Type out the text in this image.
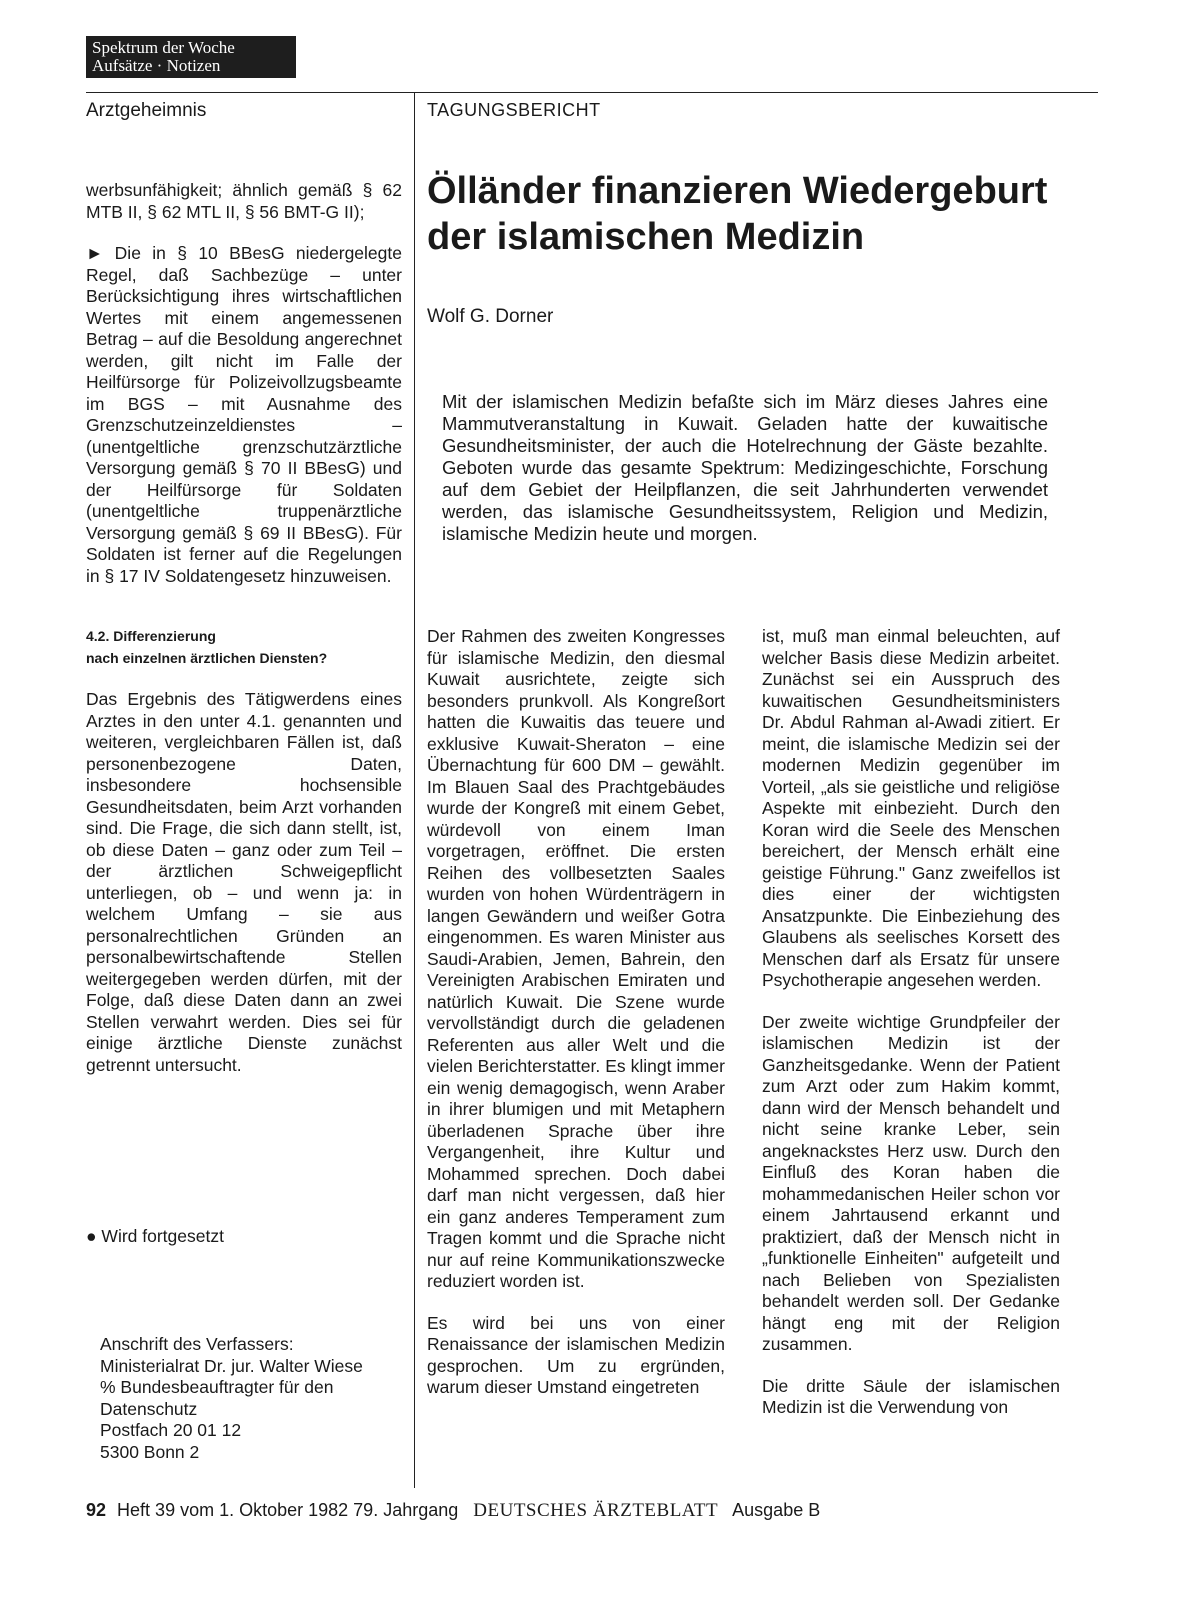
Spektrum der Woche
Aufsätze · Notizen
Arztgeheimnis	TAGUNGSBERICHT

werbsunfähigkeit; ähnlich gemäß § 62 MTB II, § 62 MTL II, § 56 BMT-G II);

► Die in § 10 BBesG niedergelegte Regel, daß Sachbezüge – unter Berücksichtigung ihres wirtschaftlichen Wertes mit einem angemessenen Betrag – auf die Besoldung angerechnet werden, gilt nicht im Falle der Heilfürsorge für Polizeivollzugsbeamte im BGS – mit Ausnahme des Grenzschutzeinzeldienstes – (unentgeltliche grenzschutzärztliche Versorgung gemäß § 70 II BBesG) und der Heilfürsorge für Soldaten (unentgeltliche truppenärztliche Versorgung gemäß § 69 II BBesG). Für Soldaten ist ferner auf die Regelungen in § 17 IV Soldatengesetz hinzuweisen.

4.2. Differenzierung
nach einzelnen ärztlichen Diensten?

Das Ergebnis des Tätigwerdens eines Arztes in den unter 4.1. genannten und weiteren, vergleichbaren Fällen ist, daß personenbezogene Daten, insbesondere hochsensible Gesundheitsdaten, beim Arzt vorhanden sind. Die Frage, die sich dann stellt, ist, ob diese Daten – ganz oder zum Teil – der ärztlichen Schweigepflicht unterliegen, ob – und wenn ja: in welchem Umfang – sie aus personalrechtlichen Gründen an personalbewirtschaftende Stellen weitergegeben werden dürfen, mit der Folge, daß diese Daten dann an zwei Stellen verwahrt werden. Dies sei für einige ärztliche Dienste zunächst getrennt untersucht.

● Wird fortgesetzt
Anschrift des Verfassers:
Ministerialrat Dr. jur. Walter Wiese
% Bundesbeauftragter für den
Datenschutz
Postfach 20 01 12
5300 Bonn 2
Ölländer finanzieren Wiedergeburt der islamischen Medizin
Wolf G. Dorner

Mit der islamischen Medizin befaßte sich im März dieses Jahres eine Mammutveranstaltung in Kuwait. Geladen hatte der kuwaitische Gesundheitsminister, der auch die Hotelrechnung der Gäste bezahlte. Geboten wurde das gesamte Spektrum: Medizingeschichte, Forschung auf dem Gebiet der Heilpflanzen, die seit Jahrhunderten verwendet werden, das islamische Gesundheitssystem, Religion und Medizin, islamische Medizin heute und morgen.

Der Rahmen des zweiten Kongresses für islamische Medizin, den diesmal Kuwait ausrichtete, zeigte sich besonders prunkvoll. Als Kongreßort hatten die Kuwaitis das teuere und exklusive Kuwait-Sheraton – eine Übernachtung für 600 DM – gewählt. Im Blauen Saal des Prachtgebäudes wurde der Kongreß mit einem Gebet, würdevoll von einem Iman vorgetragen, eröffnet. Die ersten Reihen des vollbesetzten Saales wurden von hohen Würdenträgern in langen Gewändern und weißer Gotra eingenommen. Es waren Minister aus Saudi-Arabien, Jemen, Bahrein, den Vereinigten Arabischen Emiraten und natürlich Kuwait. Die Szene wurde vervollständigt durch die geladenen Referenten aus aller Welt und die vielen Berichterstatter. Es klingt immer ein wenig demagogisch, wenn Araber in ihrer blumigen und mit Metaphern überladenen Sprache über ihre Vergangenheit, ihre Kultur und Mohammed sprechen. Doch dabei darf man nicht vergessen, daß hier ein ganz anderes Temperament zum Tragen kommt und die Sprache nicht nur auf reine Kommunikationszwecke reduziert worden ist.

Es wird bei uns von einer Renaissance der islamischen Medizin gesprochen. Um zu ergründen, warum dieser Umstand eingetreten

ist, muß man einmal beleuchten, auf welcher Basis diese Medizin arbeitet. Zunächst sei ein Ausspruch des kuwaitischen Gesundheitsministers Dr. Abdul Rahman al-Awadi zitiert. Er meint, die islamische Medizin sei der modernen Medizin gegenüber im Vorteil, „als sie geistliche und religiöse Aspekte mit einbezieht. Durch den Koran wird die Seele des Menschen bereichert, der Mensch erhält eine geistige Führung." Ganz zweifellos ist dies einer der wichtigsten Ansatzpunkte. Die Einbeziehung des Glaubens als seelisches Korsett des Menschen darf als Ersatz für unsere Psychotherapie angesehen werden.

Der zweite wichtige Grundpfeiler der islamischen Medizin ist der Ganzheitsgedanke. Wenn der Patient zum Arzt oder zum Hakim kommt, dann wird der Mensch behandelt und nicht seine kranke Leber, sein angeknackstes Herz usw. Durch den Einfluß des Koran haben die mohammedanischen Heiler schon vor einem Jahrtausend erkannt und praktiziert, daß der Mensch nicht in „funktionelle Einheiten" aufgeteilt und nach Belieben von Spezialisten behandelt werden soll. Der Gedanke hängt eng mit der Religion zusammen.

Die dritte Säule der islamischen Medizin ist die Verwendung von

92 Heft 39 vom 1. Oktober 1982 79. Jahrgang DEUTSCHES ÄRZTEBLATT Ausgabe B
